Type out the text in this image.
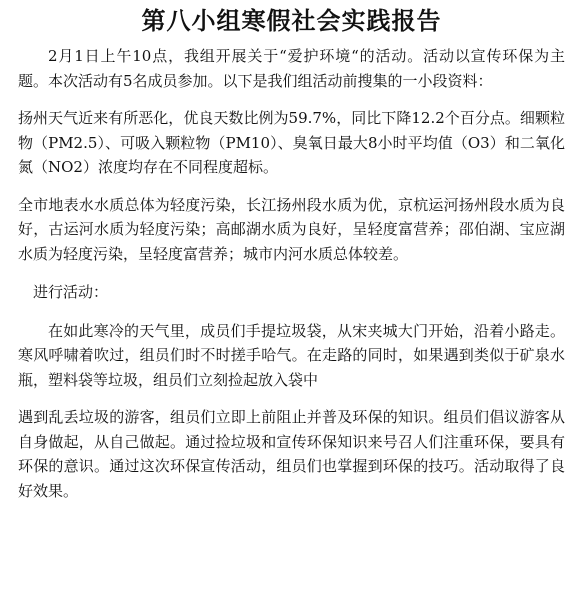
第八小组寒假社会实践报告

2月1日上午10点，我组开展关于“爱护环境“的活动。活动以宣传环保为主题。本次活动有5名成员参加。以下是我们组活动前搜集的一小段资料：

扬州天气近来有所恶化，优良天数比例为59.7%，同比下降12.2个百分点。细颗粒物（PM2.5）、可吸入颗粒物（PM10）、臭氧日最大8小时平均值（O3）和二氧化氮（NO2）浓度均存在不同程度超标。

全市地表水水质总体为轻度污染，长江扬州段水质为优，京杭运河扬州段水质为良好，古运河水质为轻度污染；高邮湖水质为良好，呈轻度富营养；邵伯湖、宝应湖水质为轻度污染，呈轻度富营养；城市内河水质总体较差。

进行活动：

在如此寒冷的天气里，成员们手提垃圾袋，从宋夹城大门开始，沿着小路走。寒风呼啸着吹过，组员们时不时搓手哈气。在走路的同时，如果遇到类似于矿泉水瓶，塑料袋等垃圾，组员们立刻捡起放入袋中

遇到乱丢垃圾的游客，组员们立即上前阻止并普及环保的知识。组员们倡议游客从自身做起，从自己做起。通过捡垃圾和宣传环保知识来号召人们注重环保，要具有环保的意识。通过这次环保宣传活动，组员们也掌握到环保的技巧。活动取得了良好效果。
